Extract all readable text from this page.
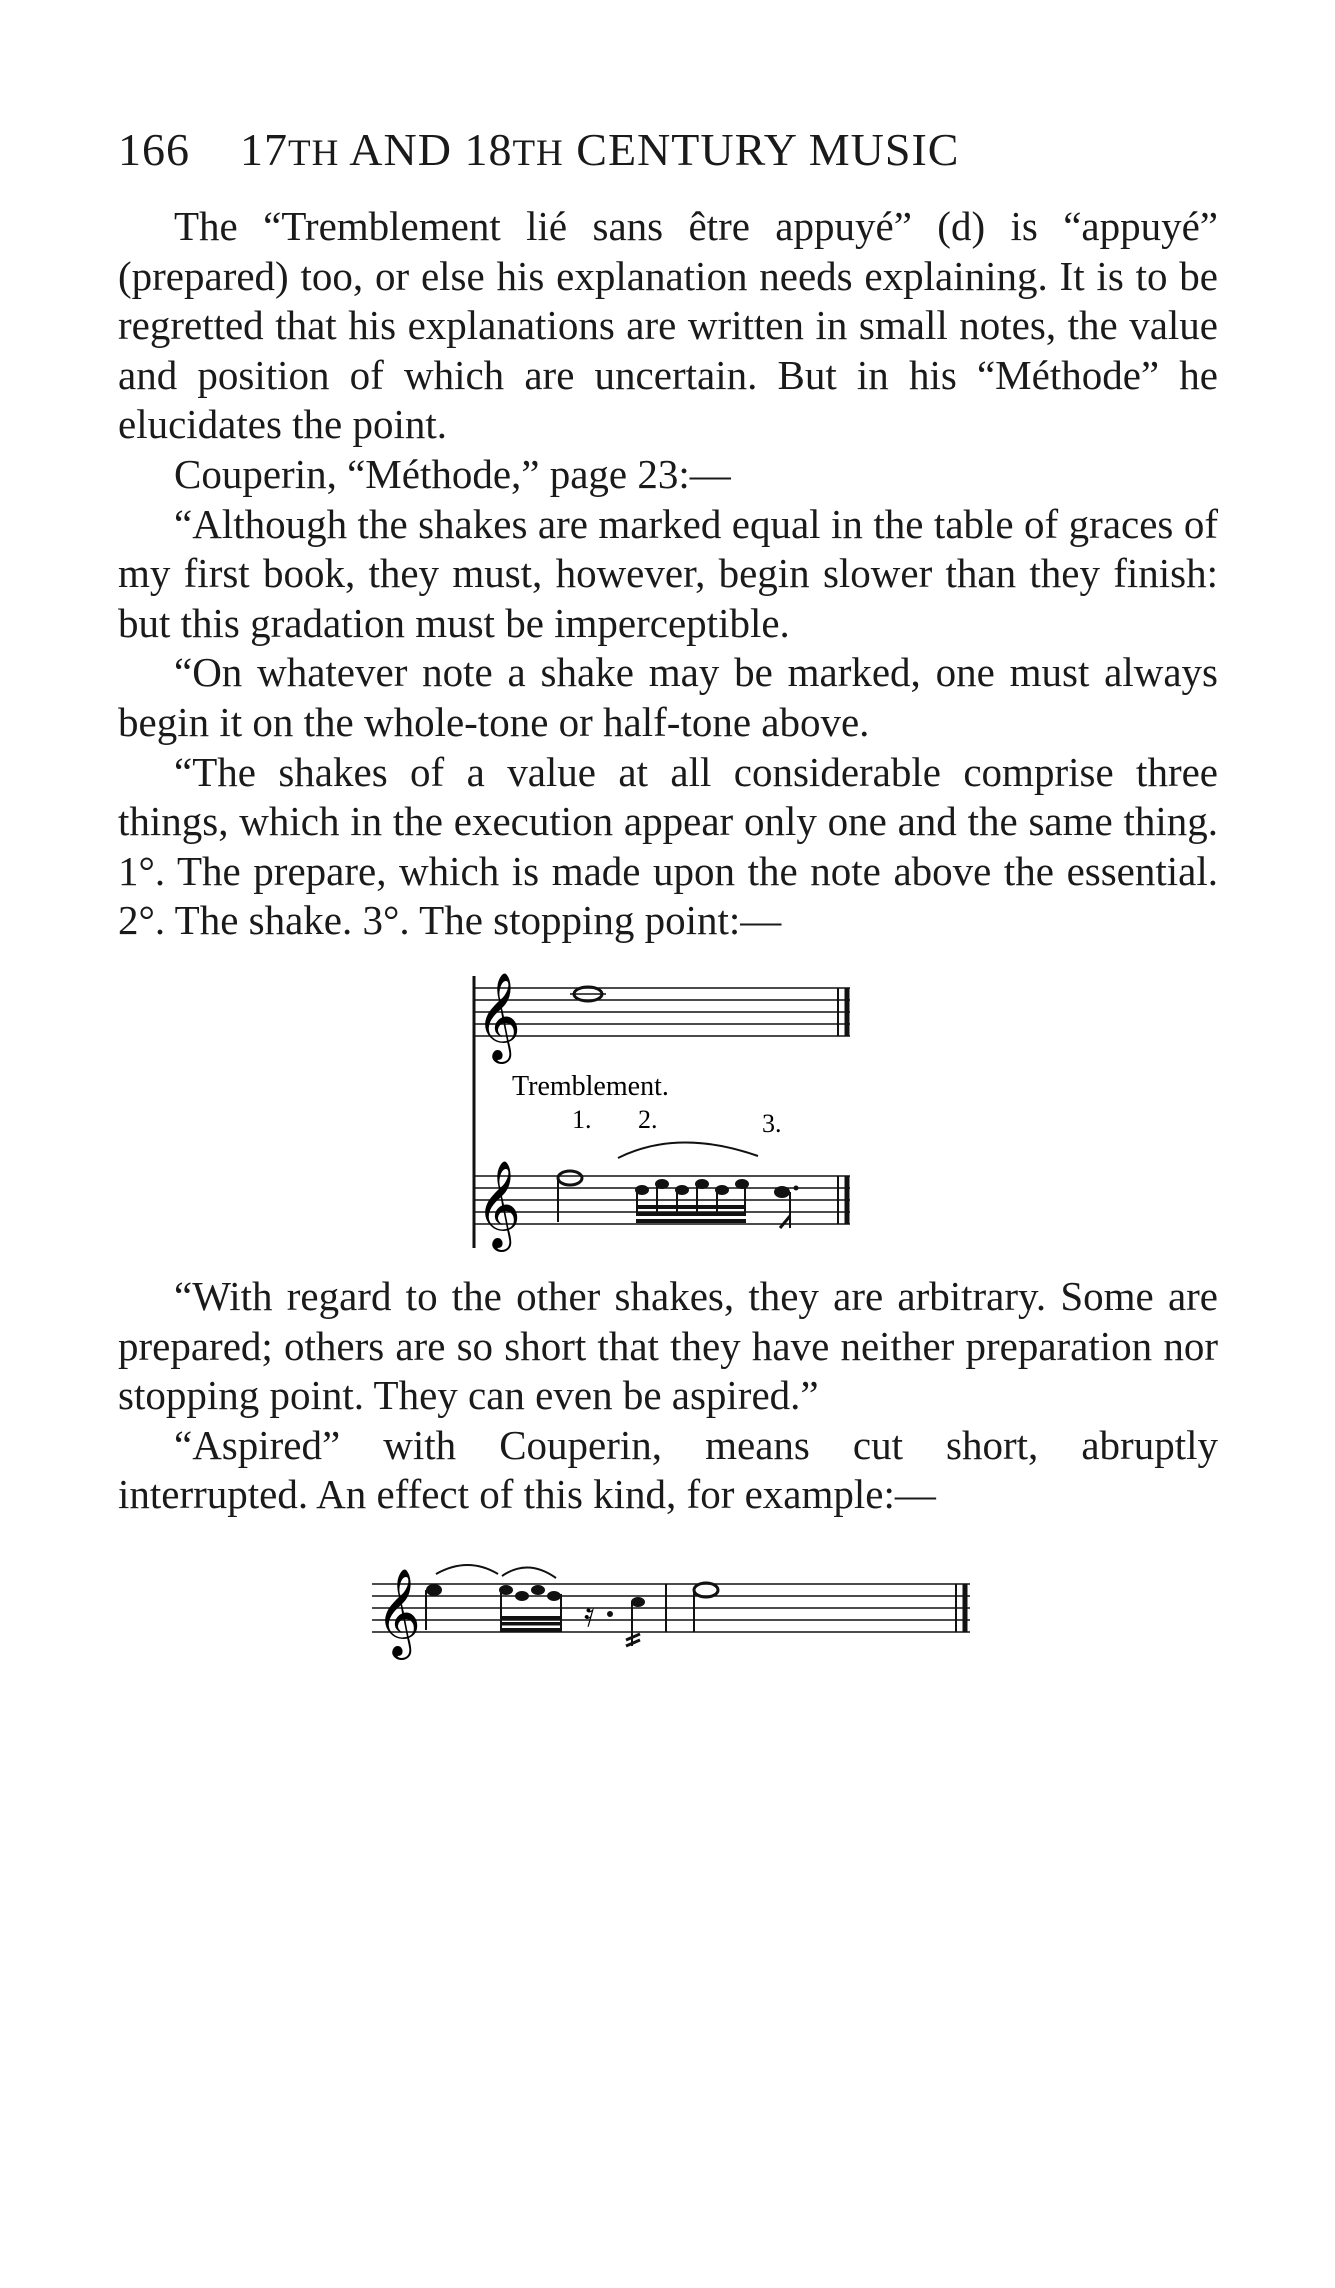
166 17TH AND 18TH CENTURY MUSIC

The “Tremblement lié sans être appuyé” (d) is “appuyé” (prepared) too, or else his explanation needs explaining. It is to be regretted that his explanations are written in small notes, the value and position of which are uncertain. But in his “Méthode” he elucidates the point.

Couperin, “Méthode,” page 23:—

“Although the shakes are marked equal in the table of graces of my first book, they must, however, begin slower than they finish: but this gradation must be imperceptible.

“On whatever note a shake may be marked, one must always begin it on the whole-tone or half-tone above.

“The shakes of a value at all considerable comprise three things, which in the execution appear only one and the same thing. 1°. The prepare, which is made upon the note above the essential. 2°. The shake. 3°. The stopping point:—

𝄞
Tremblement.
1. 2.	3.
𝄞

“With regard to the other shakes, they are arbitrary. Some are prepared; others are so short that they have neither preparation nor stopping point. They can even be aspired.”

“Aspired” with Couperin, means cut short, abruptly interrupted. An effect of this kind, for example:—

𝄞	𝄿
